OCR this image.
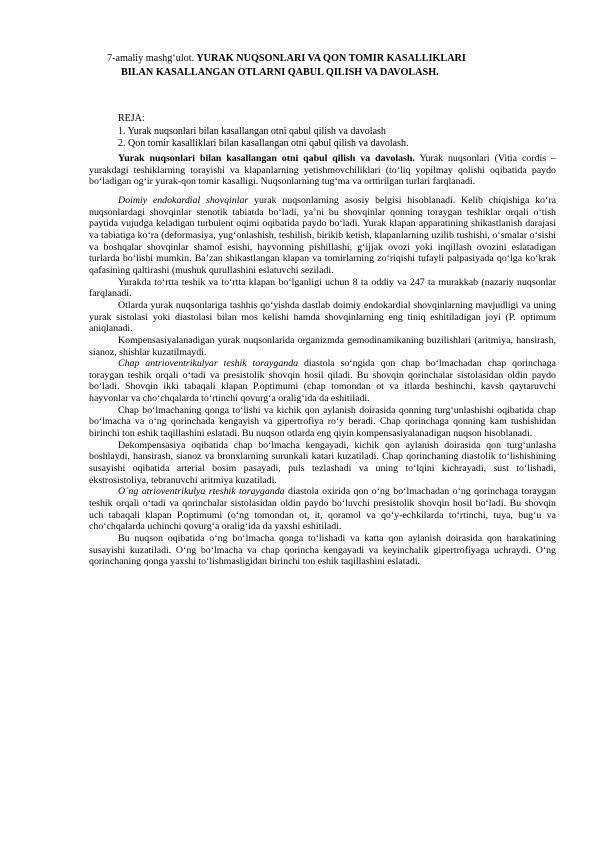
7-amaliy mashg‘ulot. YURAK NUQSONLARI VA QON TOMIR KASALLIKLARI
BILAN KASALLANGAN OTLARNI QABUL QILISH VA DAVOLASH.
REJA:
1. Yurak nuqsonlari bilan kasallangan otni qabul qilish va davolash
2. Qon tomir kasalliklari bilan kasallangan otni qabul qilish va davolash.

Yurak nuqsonlari bilan kasallangan otni qabul qilish va davolash. Yurak nuqsonlari (Vitia cordis – yurakdagi teshiklarning torayishi va klapanlarning yetishmovchiliklari (to‘liq yopilmay qolishi oqibatida paydo bo‘ladigan og‘ir yurak-qon tomir kasalligi. Nuqsonlarning tug‘ma va orttirilgan turlari farqlanadi.

Doimiy endokardial shovqinlar yurak nuqsonlarning asosiy belgisi hisoblanadi. Kelib chiqishiga ko‘ra nuqsonlardagi shovqinlar stenotik tabiatda bo‘ladi, ya’ni bu shovqinlar qonning toraygan teshiklar orqali o‘tish paytida vujudga keladigan turbulent oqimi oqibatida paydo bo‘ladi. Yurak klapan apparatining shikastlanish darajasi va tabiatiga ko‘ra (deformasiya, yug‘onlashish, teshilish, birikib ketish, klapanlarning uzilib tushishi, o‘smalar o‘sishi va boshqalar shovqinlar shamol esishi, hayvonning pishillashi, g‘ijjak ovozi yoki inqillash ovozini eslatadigan turlarda bo‘lishi mumkin. Ba’zan shikastlangan klapan va tomirlarning zo‘riqishi tufayli palpasiyada qo‘lga ko‘krak qafasining qaltirashi (mushuk qurullashini eslatuvchi seziladi.

Yurakda to‘rtta teshik va to‘rtta klapan bo‘lganligi uchun 8 ta oddiy va 247 ta murakkab (nazariy nuqsonlar farqlanadi.

Otlarda yurak nuqsonlariga tashhis qo‘yishda dastlab doimiy endokardial shovqinlarning mavjudligi va uning yurak sistolasi yoki diastolasi bilan mos kelishi hamda shovqinlarning eng tiniq eshitiladigan joyi (P. optimum aniqlanadi.

Kompensasiyalanadigan yurak nuqsonlarida organizmda gemodinamikaning buzilishlari (aritmiya, hansirash, sianoz, shishlar kuzatilmaydi.

Chap antrioventrikulyar teshik torayganda diastola so‘ngida qon chap bo‘lmachadan chap qorinchaga toraygan teshik orqali o‘tadi va presistolik shovqin hosil qiladi. Bu shovqin qorinchalar sistolasidan oldin paydo bo‘ladi. Shovqin ikki tabaqali klapan P.optimumi (chap tomondan ot va itlarda beshinchi, kavsh qaytaruvchi hayvonlar va cho‘chqalarda to‘rtinchi qovurg‘a oralig‘ida da eshitiladi.

Chap bo‘lmachaning qonga to‘lishi va kichik qon aylanish doirasida qonning turg‘unlashishi oqibatida chap bo‘lmacha va o‘ng qorinchada kengayish va gipertrofiya ro‘y beradi. Chap qorinchaga qonning kam tushishidan birinchi ton eshik taqillashini eslatadi. Bu nuqson otlarda eng qiyin kompensasiyalanadigan nuqson hisoblanadi.

Dekompensasiya oqibatida chap bo‘lmacha kengayadi, kichik qon aylanish doirasida qon turg‘unlasha boshlaydi, hansirash, sianoz va bronxlarning surunkali katari kuzatiladi. Chap qorinchaning diastolik to‘lishishining susayishi oqibatida arterial bosim pasayadi, puls tezlashadi va uning to‘lqini kichrayadi, sust to‘lishadi, ekstrosistoliya, tebranuvchi aritmiya kuzatiladi.

O´ng atrioventrikulya rteshik torayganda diastola oxirida qon o‘ng bo‘lmachadan o‘ng qorinchaga toraygan teshik orqali o‘tadi va qorinchalar sistolasidan oldin paydo bo‘luvchi presistolik shovqin hosil bo‘ladi. Bu shovqin uch tabaqali klapan P.optimumi (o‘ng tomondan ot, it, qoramol va qo‘y-echkilarda to‘rtinchi, tuya, bug‘u va cho‘chqalarda uchinchi qovurg‘a oralig‘ida da yaxshi eshitiladi.

Bu nuqson oqibatida o‘ng bo‘lmacha qonga to‘lishadi va katta qon aylanish doirasida qon harakatining susayishi kuzatiladi. O‘ng bo‘lmacha va chap qorincha kengayadi va keyinchalik gipertrofiyaga uchraydi. O‘ng qorinchaning qonga yaxshi to‘lishmasligidan birinchi ton eshik taqillashini eslatadi.
